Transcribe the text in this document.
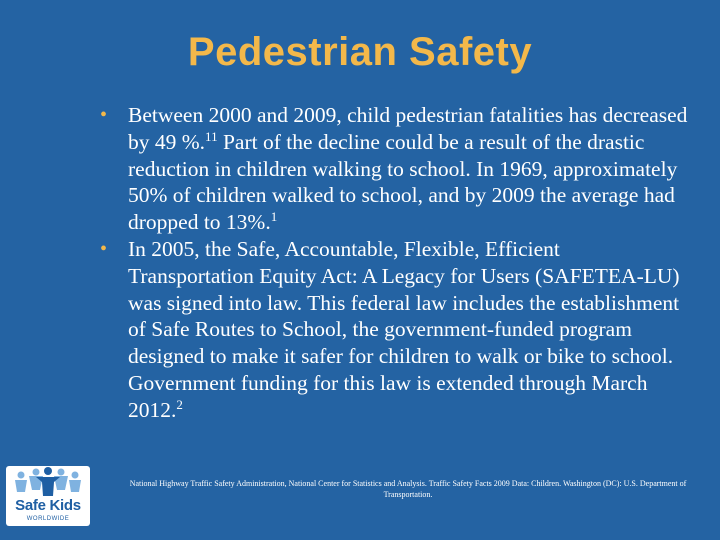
Pedestrian Safety
• Between 2000 and 2009, child pedestrian fatalities has decreased by 49 %.$^{11}$ Part of the decline could be a result of the drastic reduction in children walking to school. In 1969, approximately 50% of children walked to school, and by 2009 the average had dropped to 13%.$^1$
• In 2005, the Safe, Accountable, Flexible, Efficient Transportation Equity Act: A Legacy for Users (SAFETEA-LU) was signed into law. This federal law includes the establishment of Safe Routes to School, the government-funded program designed to make it safer for children to walk or bike to school. Government funding for this law is extended through March 2012.$^2$
National Highway Traffic Safety Administration, National Center for Statistics and Analysis. Traffic Safety Facts 2009 Data: Children. Washington (DC): U.S. Department of Transportation.
Safe Kids
WORLDWIDE
